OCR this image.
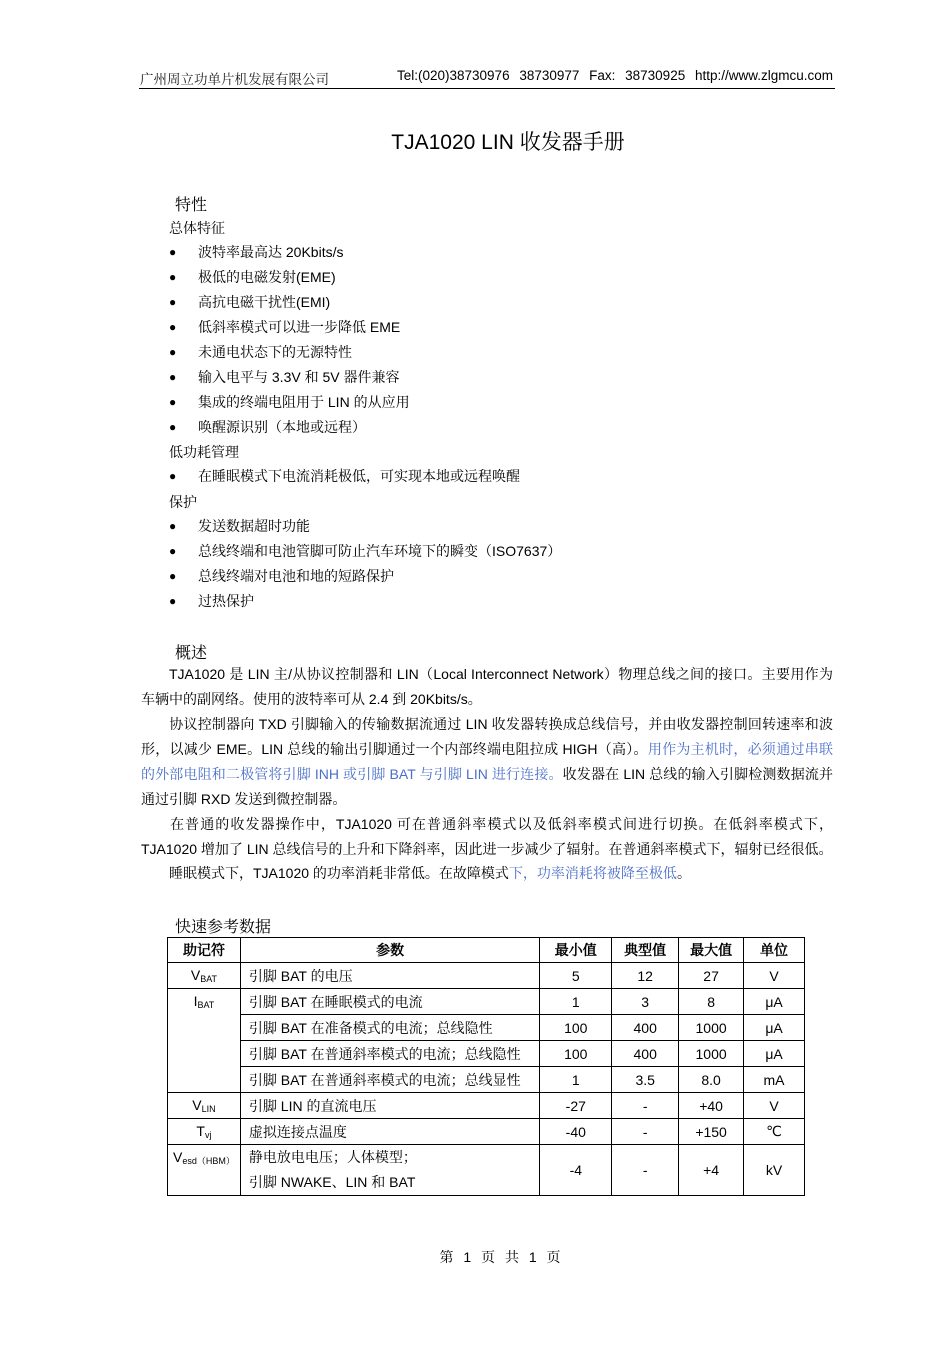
广州周立功单片机发展有限公司	Tel:(020)38730976 38730977 Fax: 38730925 http://www.zlgmcu.com
TJA1020 LIN 收发器手册
特性
总体特征
● 波特率最高达 20Kbits/s
● 极低的电磁发射(EME)
● 高抗电磁干扰性(EMI)
● 低斜率模式可以进一步降低 EME
● 未通电状态下的无源特性
● 输入电平与 3.3V 和 5V 器件兼容
● 集成的终端电阻用于 LIN 的从应用
● 唤醒源识别（本地或远程）
低功耗管理
● 在睡眠模式下电流消耗极低，可实现本地或远程唤醒
保护
● 发送数据超时功能
● 总线终端和电池管脚可防止汽车环境下的瞬变（ISO7637）
● 总线终端对电池和地的短路保护
● 过热保护
概述

TJA1020 是 LIN 主/从协议控制器和 LIN（Local Interconnect Network）物理总线之间的接口。主要用作为车辆中的副网络。使用的波特率可从 2.4 到 20Kbits/s。

协议控制器向 TXD 引脚输入的传输数据流通过 LIN 收发器转换成总线信号，并由收发器控制回转速率和波形，以减少 EME。LIN 总线的输出引脚通过一个内部终端电阻拉成 HIGH（高）。用作为主机时，必须通过串联的外部电阻和二极管将引脚 INH 或引脚 BAT 与引脚 LIN 进行连接。收发器在 LIN 总线的输入引脚检测数据流并通过引脚 RXD 发送到微控制器。

在普通的收发器操作中，TJA1020 可在普通斜率模式以及低斜率模式间进行切换。在低斜率模式下，TJA1020 增加了 LIN 总线信号的上升和下降斜率，因此进一步减少了辐射。在普通斜率模式下，辐射已经很低。

睡眠模式下，TJA1020 的功率消耗非常低。在故障模式下，功率消耗将被降至极低。

快速参考数据
助记符	参数	最小值	典型值	最大值	单位
$V_{BAT}$	引脚 BAT 的电压	5	12	27	V
$I_{BAT}$	引脚 BAT 在睡眠模式的电流	1	3	8	μA
	引脚 BAT 在准备模式的电流；总线隐性	100	400	1000	μA
	引脚 BAT 在普通斜率模式的电流；总线隐性	100	400	1000	μA
	引脚 BAT 在普通斜率模式的电流；总线显性	1	3.5	8.0	mA
$V_{LIN}$	引脚 LIN 的直流电压	-27	-	+40	V
$T_{vj}$	虚拟连接点温度	-40	-	+150	℃
$V_{esd(HBM)}$	静电放电电压；人体模型；
引脚 NWAKE、LIN 和 BAT	-4	-	+4	kV
第 1 页 共 1 页
